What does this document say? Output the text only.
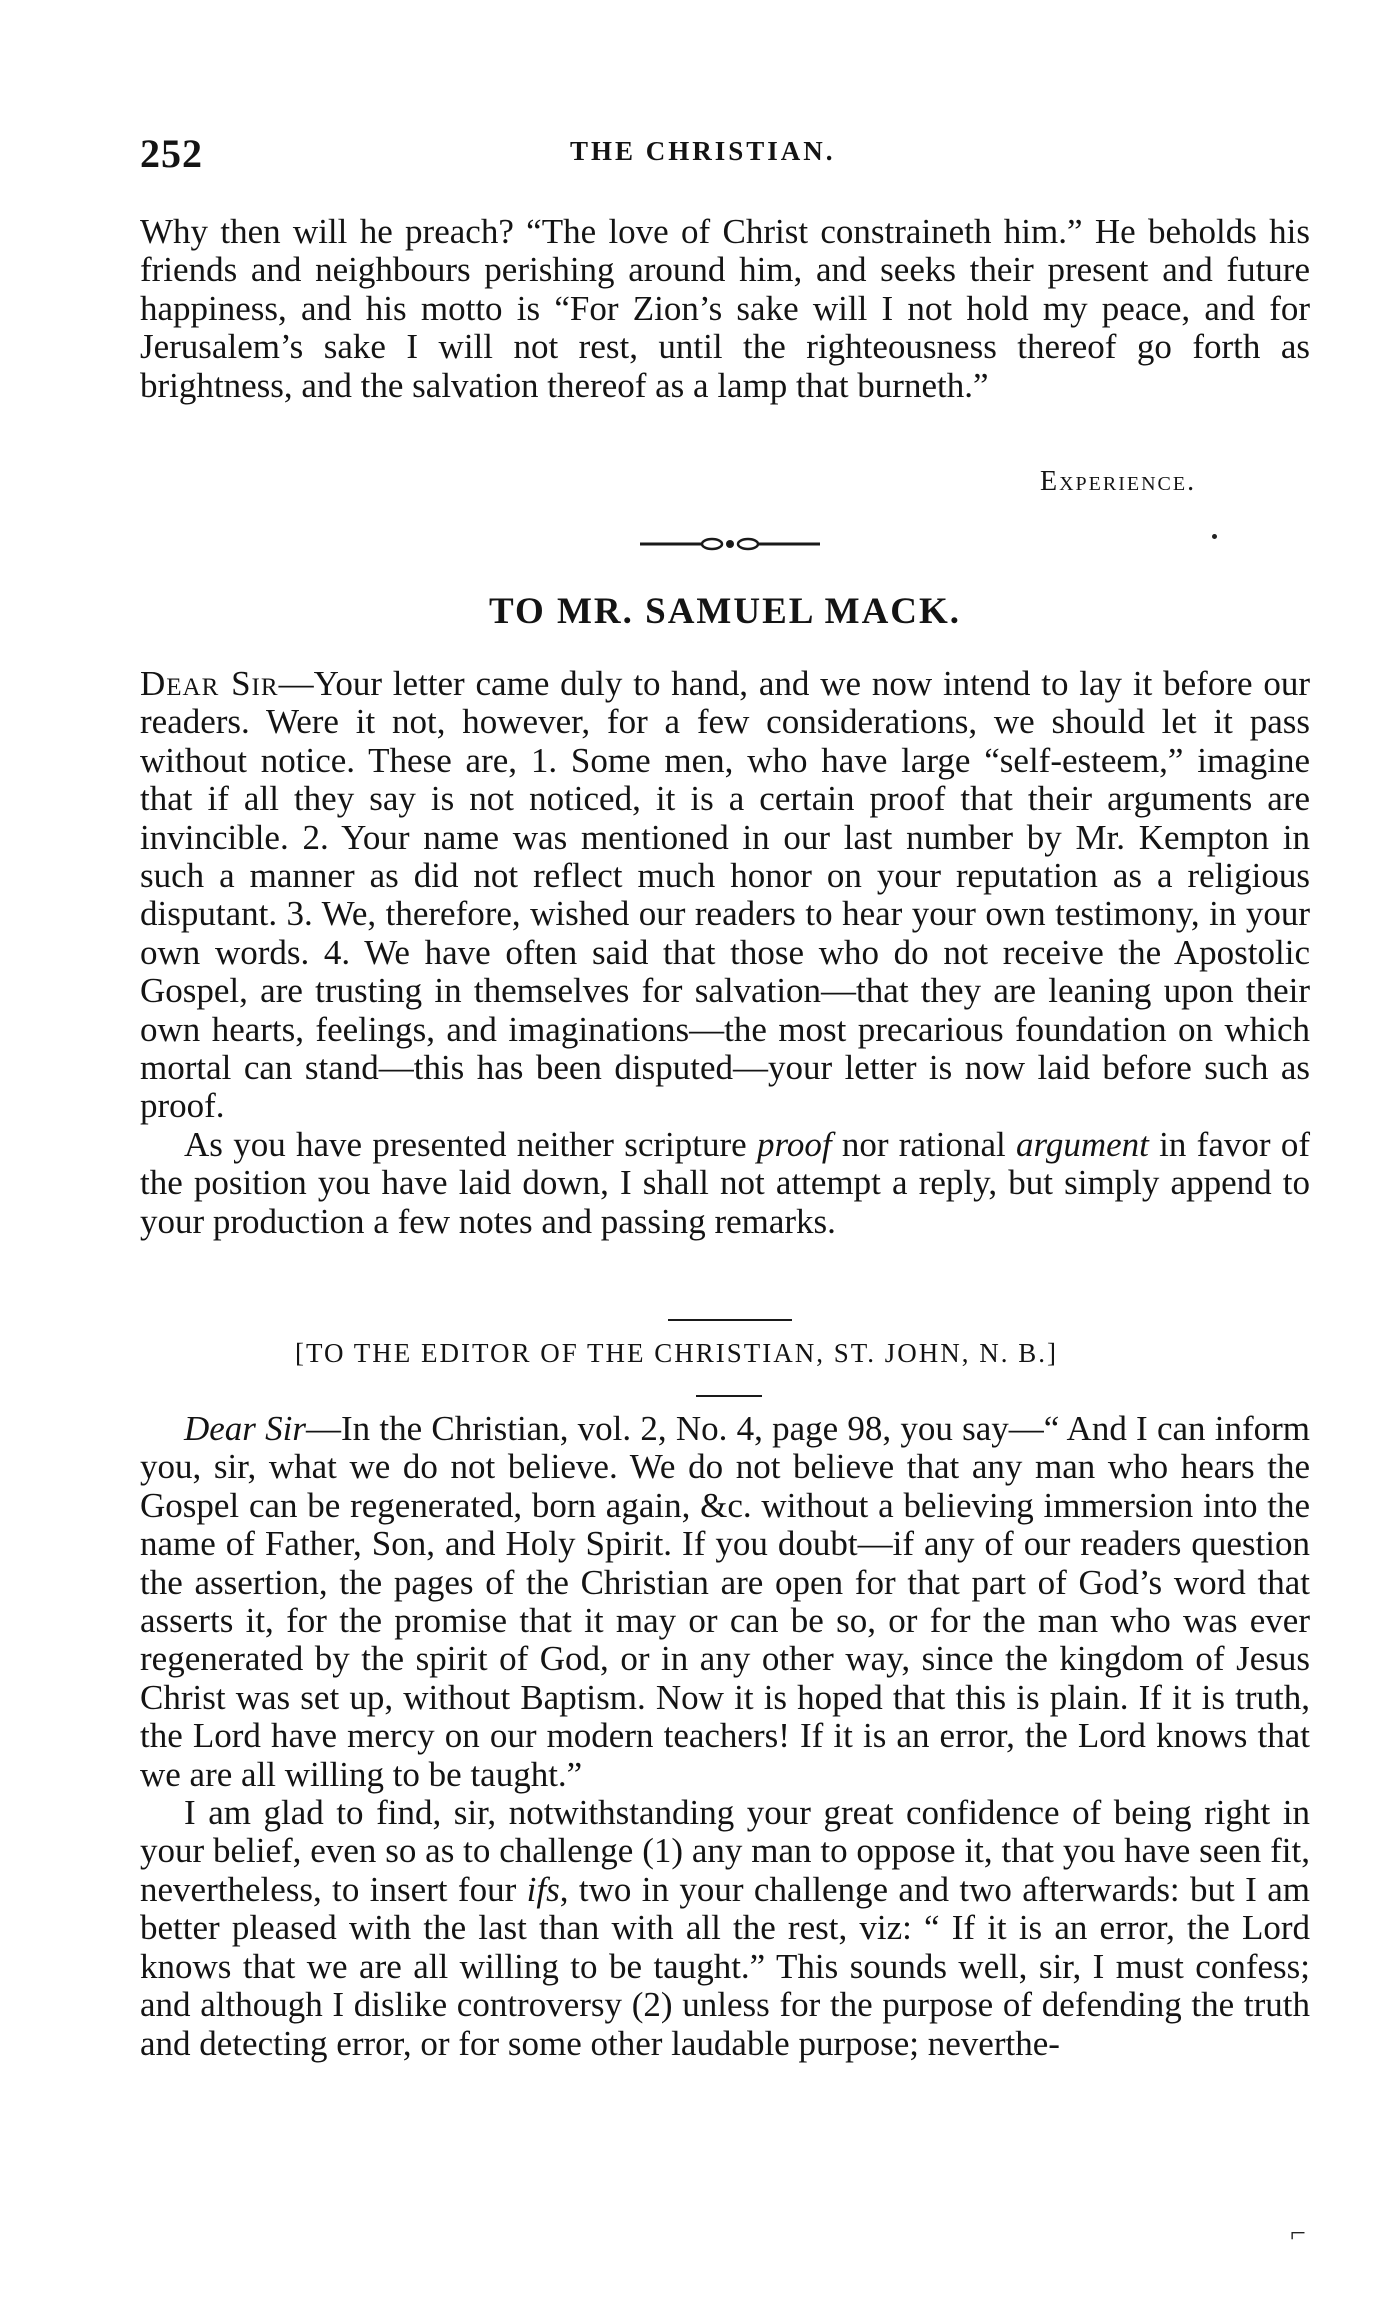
252	THE CHRISTIAN.

Why then will he preach? “The love of Christ constraineth him.” He beholds his friends and neighbours perishing around him, and seeks their present and future happiness, and his motto is “For Zion’s sake will I not hold my peace, and for Jerusalem’s sake I will not rest, until the righteousness thereof go forth as brightness, and the salvation thereof as a lamp that burneth.”

Experience.
TO MR. SAMUEL MACK.

Dear Sir—Your letter came duly to hand, and we now intend to lay it before our readers. Were it not, however, for a few considerations, we should let it pass without notice. These are, 1. Some men, who have large “self-esteem,” imagine that if all they say is not noticed, it is a certain proof that their arguments are invincible. 2. Your name was mentioned in our last number by Mr. Kempton in such a manner as did not reflect much honor on your reputation as a religious disputant. 3. We, therefore, wished our readers to hear your own testimony, in your own words. 4. We have often said that those who do not receive the Apostolic Gospel, are trusting in themselves for salvation—that they are leaning upon their own hearts, feelings, and imaginations—the most precarious foundation on which mortal can stand—this has been disputed—your letter is now laid before such as proof.

As you have presented neither scripture proof nor rational argument in favor of the position you have laid down, I shall not attempt a reply, but simply append to your production a few notes and passing remarks.

[TO THE EDITOR OF THE CHRISTIAN, ST. JOHN, N. B.]

Dear Sir—In the Christian, vol. 2, No. 4, page 98, you say—“ And I can inform you, sir, what we do not believe. We do not believe that any man who hears the Gospel can be regenerated, born again, &c. without a believing immersion into the name of Father, Son, and Holy Spirit. If you doubt—if any of our readers question the assertion, the pages of the Christian are open for that part of God’s word that asserts it, for the promise that it may or can be so, or for the man who was ever regenerated by the spirit of God, or in any other way, since the kingdom of Jesus Christ was set up, without Baptism. Now it is hoped that this is plain. If it is truth, the Lord have mercy on our modern teachers! If it is an error, the Lord knows that we are all willing to be taught.”

I am glad to find, sir, notwithstanding your great confidence of being right in your belief, even so as to challenge (1) any man to oppose it, that you have seen fit, nevertheless, to insert four ifs, two in your challenge and two afterwards: but I am better pleased with the last than with all the rest, viz: “ If it is an error, the Lord knows that we are all willing to be taught.” This sounds well, sir, I must confess; and although I dislike controversy (2) unless for the purpose of defending the truth and detecting error, or for some other laudable purpose; neverthe-

⌐
